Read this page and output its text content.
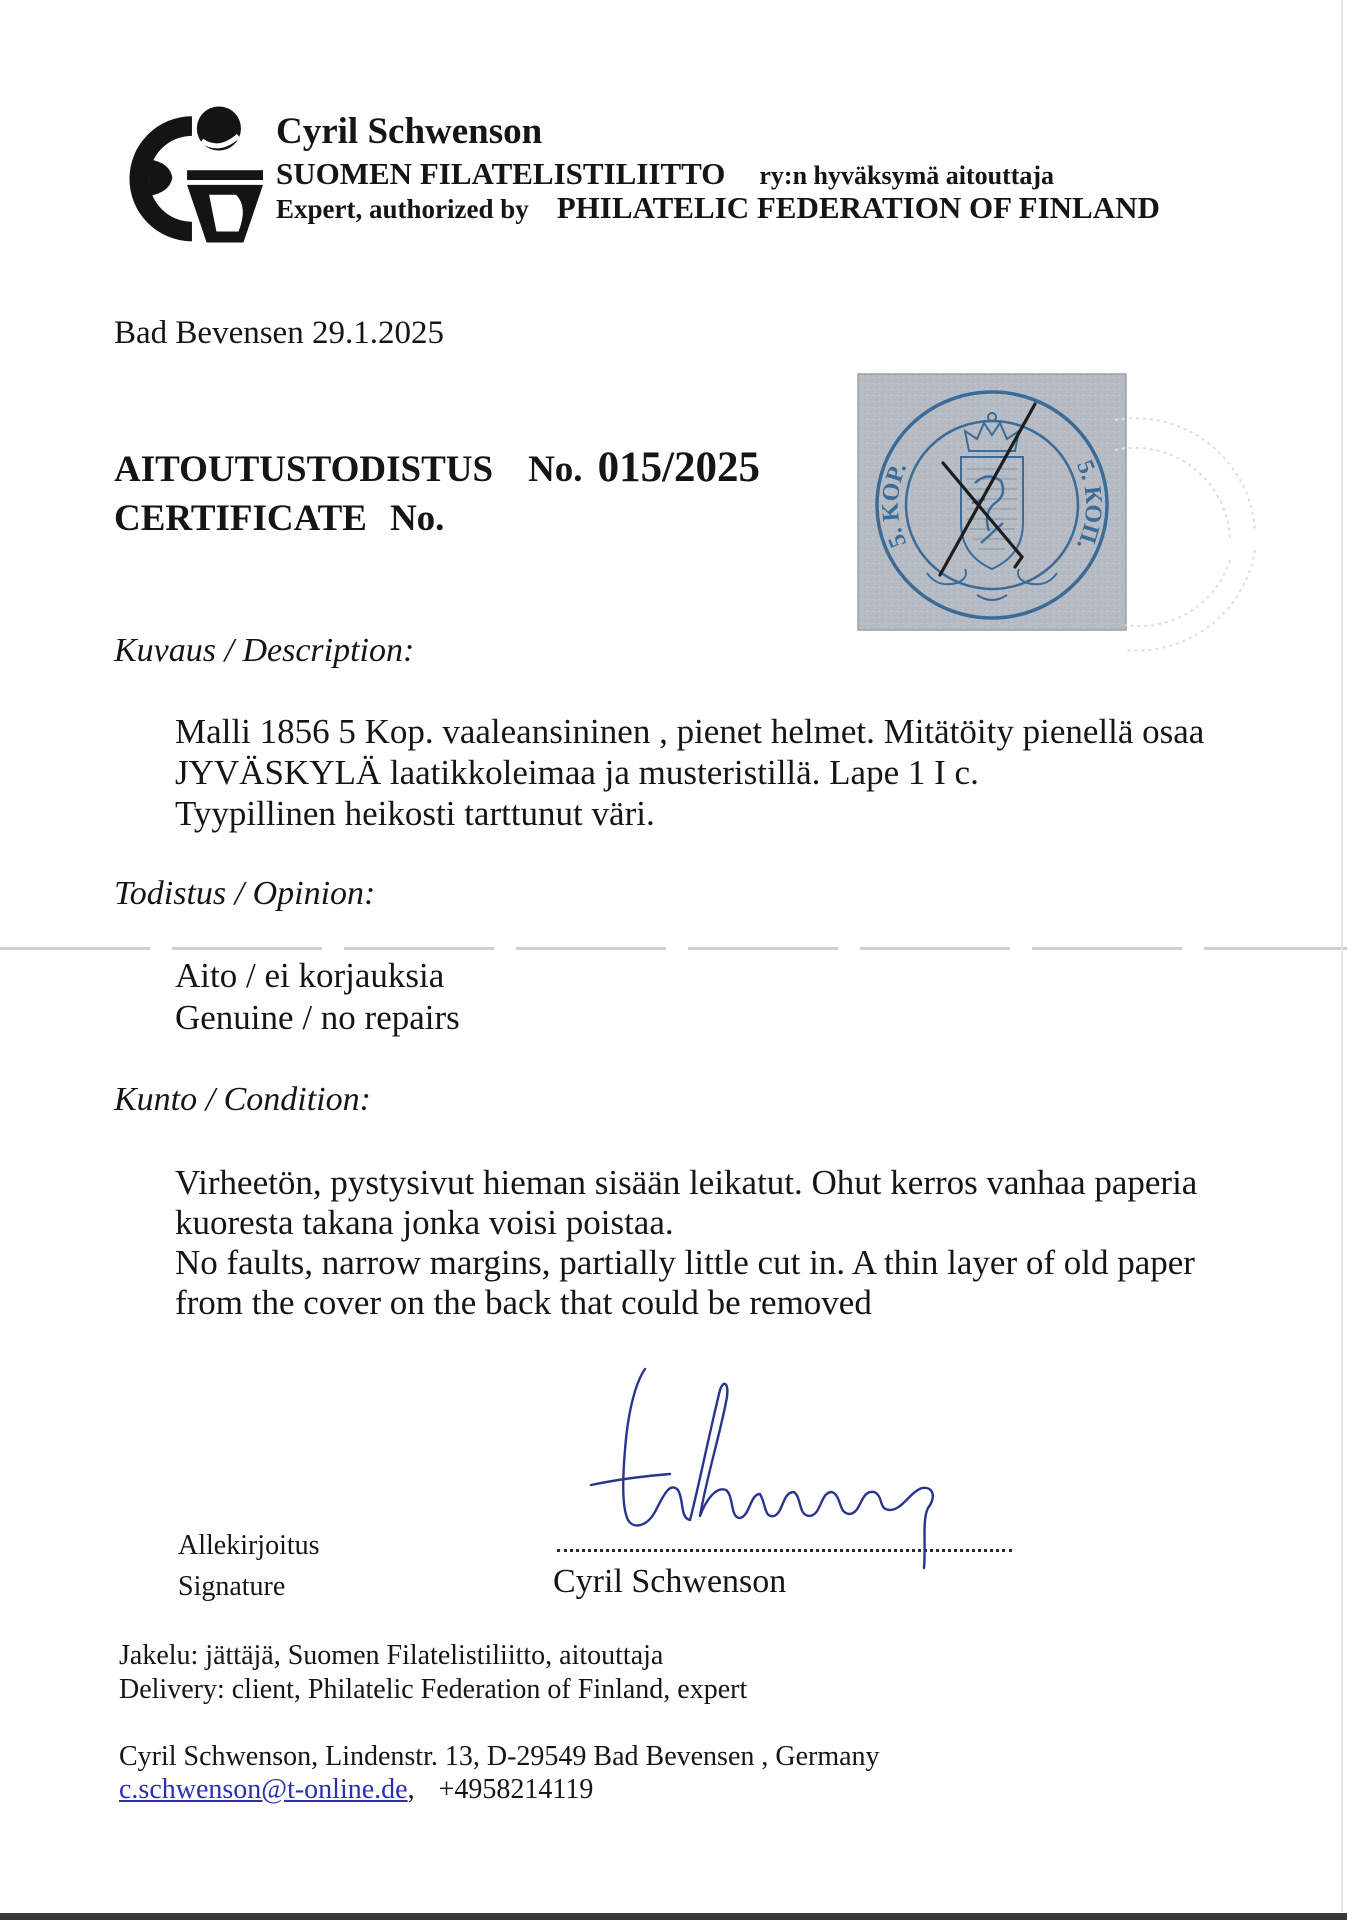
Cyril Schwenson
SUOMEN FILATELISTILIITTO ry:n hyväksymä aitouttaja
Expert, authorized by PHILATELIC FEDERATION OF FINLAND
Bad Bevensen 29.1.2025
AITOUTUSTODISTUS No. 015/2025
CERTIFICATE No.
5. KOP.	5. КОП.
Kuvaus / Description:
Malli 1856 5 Kop. vaaleansininen , pienet helmet. Mitätöity pienellä osaa
JYVÄSKYLÄ laatikkoleimaa ja musteristillä. Lape 1 I c.
Tyypillinen heikosti tarttunut väri.
Todistus / Opinion:
Aito / ei korjauksia
Genuine / no repairs
Kunto / Condition:
Virheetön, pystysivut hieman sisään leikatut. Ohut kerros vanhaa paperia
kuoresta takana jonka voisi poistaa.
No faults, narrow margins, partially little cut in. A thin layer of old paper
from the cover on the back that could be removed
Allekirjoitus
Signature	Cyril Schwenson
Jakelu: jättäjä, Suomen Filatelistiliitto, aitouttaja
Delivery: client, Philatelic Federation of Finland, expert
Cyril Schwenson, Lindenstr. 13, D-29549 Bad Bevensen , Germany
c.schwenson@t-online.de, +4958214119
